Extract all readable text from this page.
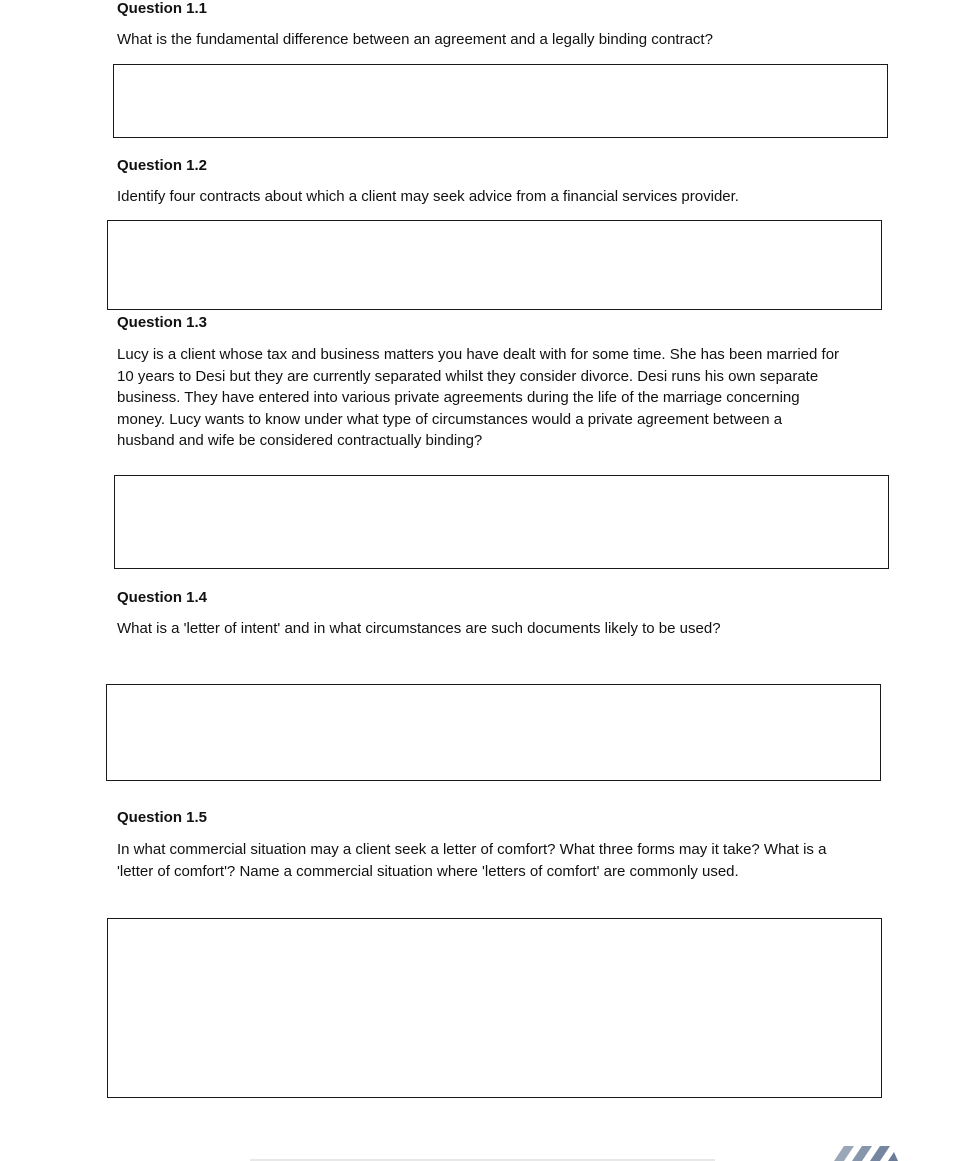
Question 1.1
What is the fundamental difference between an agreement and a legally binding contract?
Question 1.2
Identify four contracts about which a client may seek advice from a financial services provider.
Question 1.3
Lucy is a client whose tax and business matters you have dealt with for some time. She has been married for 10 years to Desi but they are currently separated whilst they consider divorce. Desi runs his own separate business. They have entered into various private agreements during the life of the marriage concerning money. Lucy wants to know under what type of circumstances would a private agreement between a husband and wife be considered contractually binding?
Question 1.4
What is a 'letter of intent' and in what circumstances are such documents likely to be used?
Question 1.5
In what commercial situation may a client seek a letter of comfort? What three forms may it take? What is a 'letter of comfort'? Name a commercial situation where 'letters of comfort' are commonly used.
